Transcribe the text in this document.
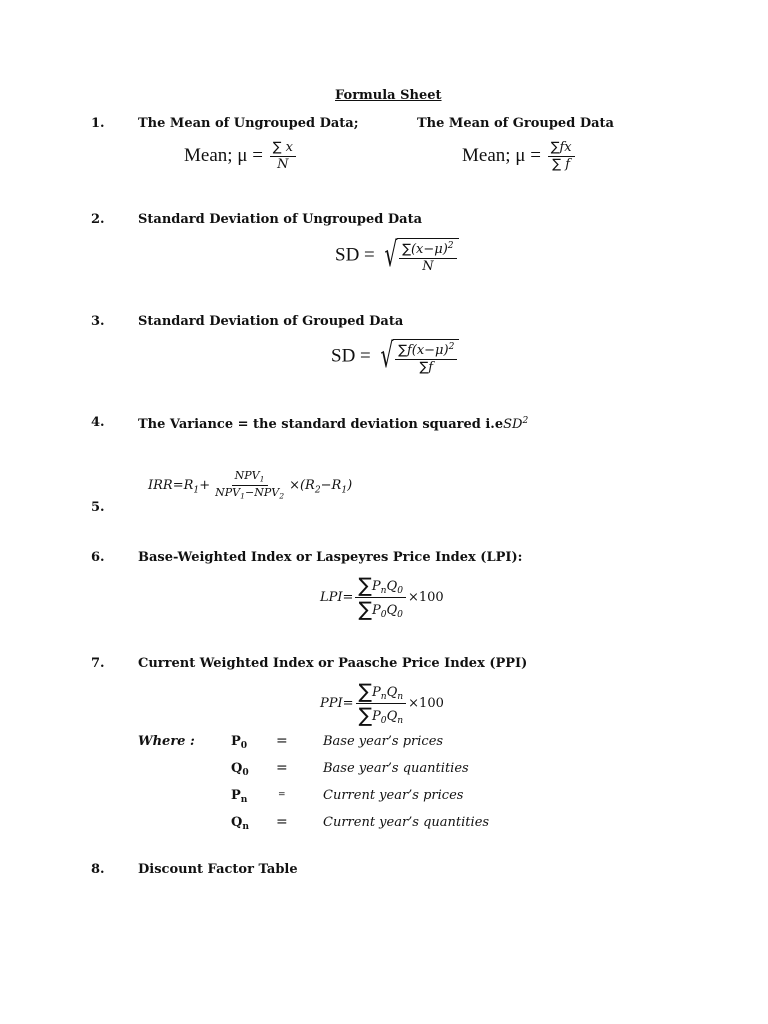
Formula Sheet
1.	The Mean of Ungrouped Data;	The Mean of Grouped Data
Mean; $\mu = \frac{\sum x}{N}$	Mean; $\mu = \frac{\sum fx}{\sum f}$
2.	Standard Deviation of Ungrouped Data
SD = √ $\frac{\sum(x-\mu)^2}{N}$
3.	Standard Deviation of Grouped Data
SD = √ $\frac{\sum f(x-\mu)^2}{\sum f}$
4.	The Variance = the standard deviation squared i.eSD$^2$
$IRR=R_1+ \frac{NPV_1}{NPV_1-NPV_2} \times(R_2-R_1)$
5.
6.	Base-Weighted Index or Laspeyres Price Index (LPI):
$LPI= \frac{\sum P_nQ_0}{\sum P_0Q_0} \times 100$
7.	Current Weighted Index or Paasche Price Index (PPI)
$PPI= \frac{\sum P_nQ_n}{\sum P_0Q_n} \times 100$
Where :	$P_0$ =	Base year’s prices
$Q_0$ =	Base year’s quantities
$P_n$	=	Current year’s prices
$Q_n$ =	Current year’s quantities
8.	Discount Factor Table
